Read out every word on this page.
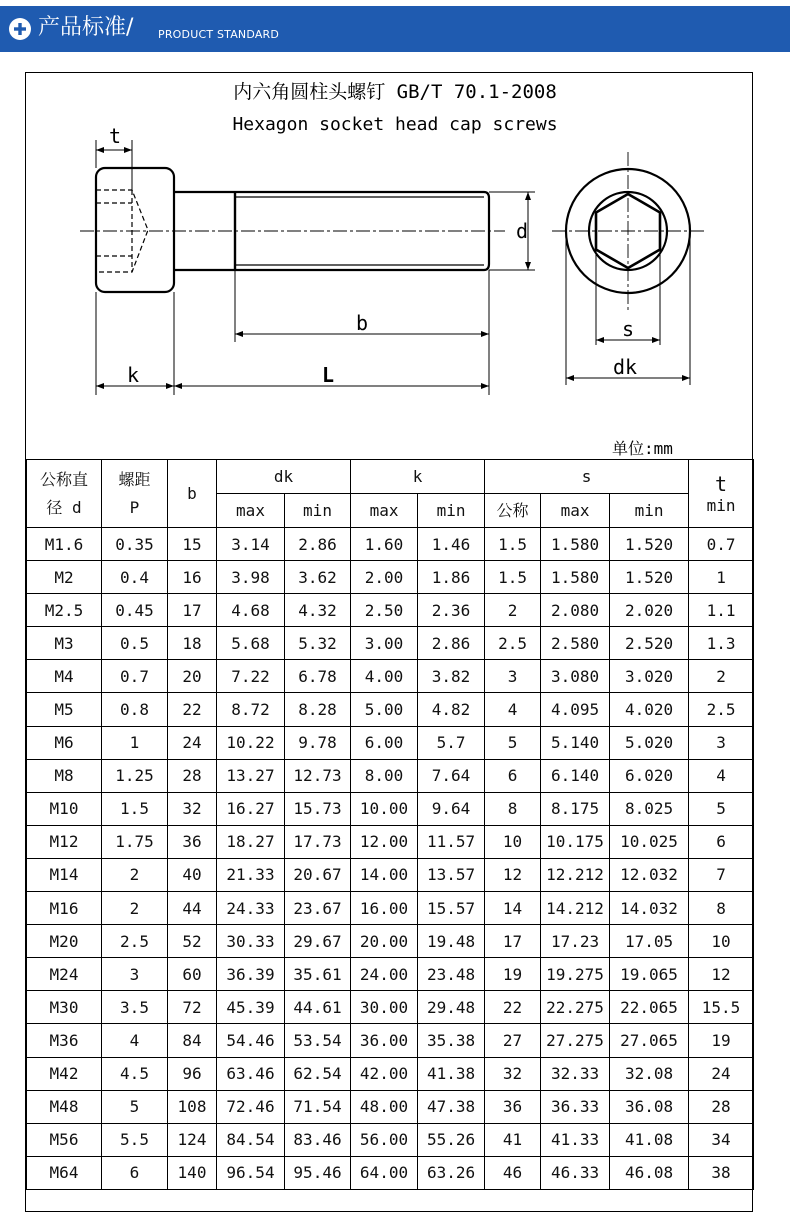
产品标准/ PRODUCT STANDARD
内六角圆柱头螺钉 GB/T 70.1-2008
Hexagon socket head cap screws
t
d
b
k	L
s
dk
单位:mm
公称直
径 d	螺距
P	b	dk		k		s			t
min
			max	min	max	min	公称	max	min	
M1.6	0.35	15	3.14	2.86	1.60	1.46	1.5	1.580	1.520	0.7
M2	0.4	16	3.98	3.62	2.00	1.86	1.5	1.580	1.520	1
M2.5	0.45	17	4.68	4.32	2.50	2.36	2	2.080	2.020	1.1
M3	0.5	18	5.68	5.32	3.00	2.86	2.5	2.580	2.520	1.3
M4	0.7	20	7.22	6.78	4.00	3.82	3	3.080	3.020	2
M5	0.8	22	8.72	8.28	5.00	4.82	4	4.095	4.020	2.5
M6	1	24	10.22	9.78	6.00	5.7	5	5.140	5.020	3
M8	1.25	28	13.27	12.73	8.00	7.64	6	6.140	6.020	4
M10	1.5	32	16.27	15.73	10.00	9.64	8	8.175	8.025	5
M12	1.75	36	18.27	17.73	12.00	11.57	10	10.175	10.025	6
M14	2	40	21.33	20.67	14.00	13.57	12	12.212	12.032	7
M16	2	44	24.33	23.67	16.00	15.57	14	14.212	14.032	8
M20	2.5	52	30.33	29.67	20.00	19.48	17	17.23	17.05	10
M24	3	60	36.39	35.61	24.00	23.48	19	19.275	19.065	12
M30	3.5	72	45.39	44.61	30.00	29.48	22	22.275	22.065	15.5
M36	4	84	54.46	53.54	36.00	35.38	27	27.275	27.065	19
M42	4.5	96	63.46	62.54	42.00	41.38	32	32.33	32.08	24
M48	5	108	72.46	71.54	48.00	47.38	36	36.33	36.08	28
M56	5.5	124	84.54	83.46	56.00	55.26	41	41.33	41.08	34
M64	6	140	96.54	95.46	64.00	63.26	46	46.33	46.08	38
